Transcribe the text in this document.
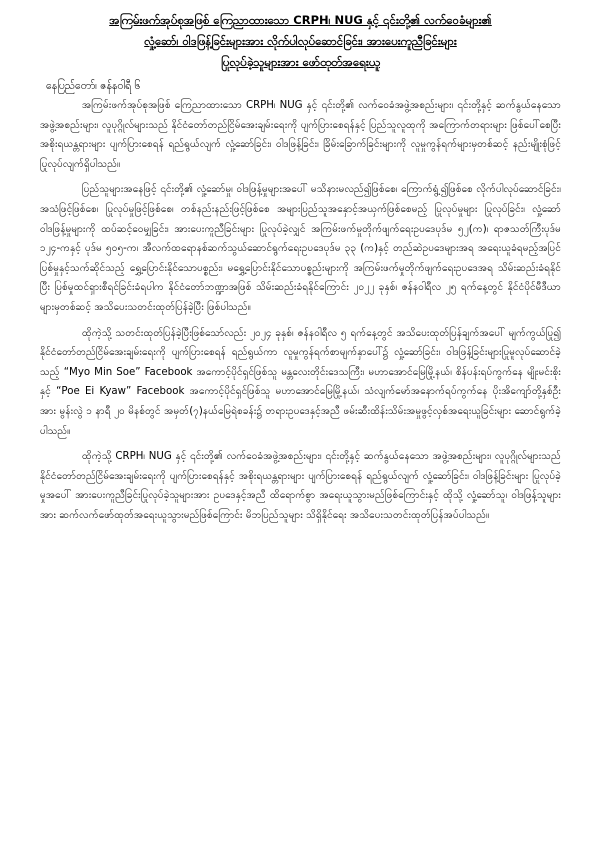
အကြမ်းဖက်အုပ်စုအဖြစ် ကြေညာထားသော CRPH၊ NUG နှင့် ၎င်းတို့၏ လက်ဝေခံများ၏
လှုံ့ဆော်၊ ဝါဒဖြန့်ခြင်းများအား လိုက်ပါလုပ်ဆောင်ခြင်း၊ အားပေးကူညီခြင်းများ
ပြုလုပ်ခဲ့သူများအား ဖော်ထုတ်အရေးယူ
နေပြည်တော်၊ ဇန်နဝါရီ ၆

အကြမ်းဖက်အုပ်စုအဖြစ် ကြေညာထားသော CRPH၊ NUG နှင့် ၎င်းတို့၏ လက်ဝေခံအဖွဲ့အစည်းများ၊ ၎င်းတို့နှင့် ဆက်နွယ်နေသော အဖွဲ့အစည်းများ၊ လူပုဂ္ဂိုလ်များသည် နိုင်ငံတော်တည်ငြိမ်အေးချမ်းရေးကို ပျက်ပြားစေရန်နှင့် ပြည်သူလူထုကို အကြောက်တရားများ ဖြစ်ပေါ်စေပြီး အစိုးရယန္တရားများ ပျက်ပြားစေရန် ရည်ရွယ်လျက် လှုံ့ဆော်ခြင်း၊ ဝါဒဖြန့်ခြင်း၊ ခြိမ်းခြောက်ခြင်းများကို လူမှုကွန်ရက်များမှတစ်ဆင့် နည်းမျိုးစုံဖြင့် ပြုလုပ်လျက်ရှိပါသည်။

ပြည်သူများအနေဖြင့် ၎င်းတို့၏ လှုံ့ဆော်မှု၊ ဝါဒဖြန့်မှုများအပေါ် မသိနားမလည်၍ဖြစ်စေ၊ ကြောက်ရွံ့၍ဖြစ်စေ လိုက်ပါလုပ်ဆောင်ခြင်း၊ အသံဖြင့်ဖြစ်စေ၊ ပြုလုပ်မှုဖြင့်ဖြစ်စေ၊ တစ်နည်းနည်းဖြင့်ဖြစ်စေ အများပြည်သူအနှောင့်အယှက်ဖြစ်စေမည့် ပြုလုပ်မှုများ ပြုလုပ်ခြင်း၊ လှုံ့ဆော်ဝါဒဖြန့်မှုများကို ထပ်ဆင့်ဝေမျှခြင်း၊ အားပေးကူညီခြင်းများ ပြုလုပ်ခဲ့လျှင် အကြမ်းဖက်မှုတိုက်ဖျက်ရေးဥပဒေပုဒ်မ ၅၂(က)၊ ရာဇသတ်ကြီးပုဒ်မ ၁၂၄-ကနှင့် ပုဒ်မ ၅၀၅-က၊ အီလက်ထရောနစ်ဆက်သွယ်ဆောင်ရွက်ရေးဥပဒေပုဒ်မ ၃၃ (က)နှင့် တည်ဆဲဥပဒေများအရ အရေးယူခံရမည့်အပြင် ပြစ်မှုနှင့်သက်ဆိုင်သည့် ရွှေ့ပြောင်းနိုင်သောပစ္စည်း၊ မရွှေ့ပြောင်းနိုင်သောပစ္စည်းများကို အကြမ်းဖက်မှုတိုက်ဖျက်ရေးဥပဒေအရ သိမ်းဆည်းခံရနိုင်ပြီး ပြစ်မှုထင်ရှားစီရင်ခြင်းခံရပါက နိုင်ငံတော်ဘဏ္ဍာအဖြစ် သိမ်းဆည်းခံရနိုင်ကြောင်း ၂၀၂၂ ခုနှစ်၊ ဇန်နဝါရီလ ၂၅ ရက်နေ့တွင် နိုင်ငံပိုင်မီဒီယာများမှတစ်ဆင့် အသိပေးသတင်းထုတ်ပြန်ခဲ့ပြီး ဖြစ်ပါသည်။

ထိုကဲ့သို့ သတင်းထုတ်ပြန်ခဲ့ပြီးဖြစ်သော်လည်း ၂၀၂၄ ခုနှစ်၊ ဇန်နဝါရီလ ၅ ရက်နေ့တွင် အသိပေးထုတ်ပြန်ချက်အပေါ် မျက်ကွယ်ပြု၍ နိုင်ငံတော်တည်ငြိမ်အေးချမ်းရေးကို ပျက်ပြားစေရန် ရည်ရွယ်ကာ လူမှုကွန်ရက်စာမျက်နှာပေါ်၌ လှုံ့ဆော်ခြင်း၊ ဝါဒဖြန့်ခြင်းများပြုမူလုပ်ဆောင်ခဲ့သည့် “Myo Min Soe” Facebook အကောင့်ပိုင်ရှင်ဖြစ်သူ မန္တလေးတိုင်းဒေသကြီး၊ မဟာအောင်မြေမြို့နယ်၊ စိန်ပန်းရပ်ကွက်နေ မျိုးမင်းစိုးနှင့် “Poe Ei Kyaw” Facebook အကောင့်ပိုင်ရှင်ဖြစ်သူ မဟာအောင်မြေမြို့နယ်၊ သံလျက်မော်အနောက်ရပ်ကွက်နေ ပိုးအိကျော်တို့နှစ်ဦးအား မွန်းလွဲ ၁ နာရီ ၂၀ မိနစ်တွင် အမှတ်(၇)နယ်မြေရဲစခန်း၌ တရားဥပဒေနှင့်အညီ ဖမ်းဆီးထိန်းသိမ်းအမှုဖွင့်လှစ်အရေးယူခြင်းများ ဆောင်ရွက်ခဲ့ပါသည်။

ထိုကဲ့သို့ CRPH၊ NUG နှင့် ၎င်းတို့၏ လက်ဝေခံအဖွဲ့အစည်းများ၊ ၎င်းတို့နှင့် ဆက်နွယ်နေသော အဖွဲ့အစည်းများ၊ လူပုဂ္ဂိုလ်များသည် နိုင်ငံတော်တည်ငြိမ်အေးချမ်းရေးကို ပျက်ပြားစေရန်နှင့် အစိုးရယန္တရားများ ပျက်ပြားစေရန် ရည်ရွယ်လျက် လှုံ့ဆော်ခြင်း၊ ဝါဒဖြန့်ခြင်းများ ပြုလုပ်ခဲ့မှုအပေါ် အားပေးကူညီခြင်းပြုလုပ်ခဲ့သူများအား ဥပဒေနှင့်အညီ ထိရောက်စွာ အရေးယူသွားမည်ဖြစ်ကြောင်းနှင့် ထိုသို့ လှုံ့ဆော်သူ၊ ဝါဒဖြန့်သူများအား ဆက်လက်ဖော်ထုတ်အရေးယူသွားမည်ဖြစ်ကြောင်း မိဘပြည်သူများ သိရှိနိုင်ရေး အသိပေးသတင်းထုတ်ပြန်အပ်ပါသည်။
